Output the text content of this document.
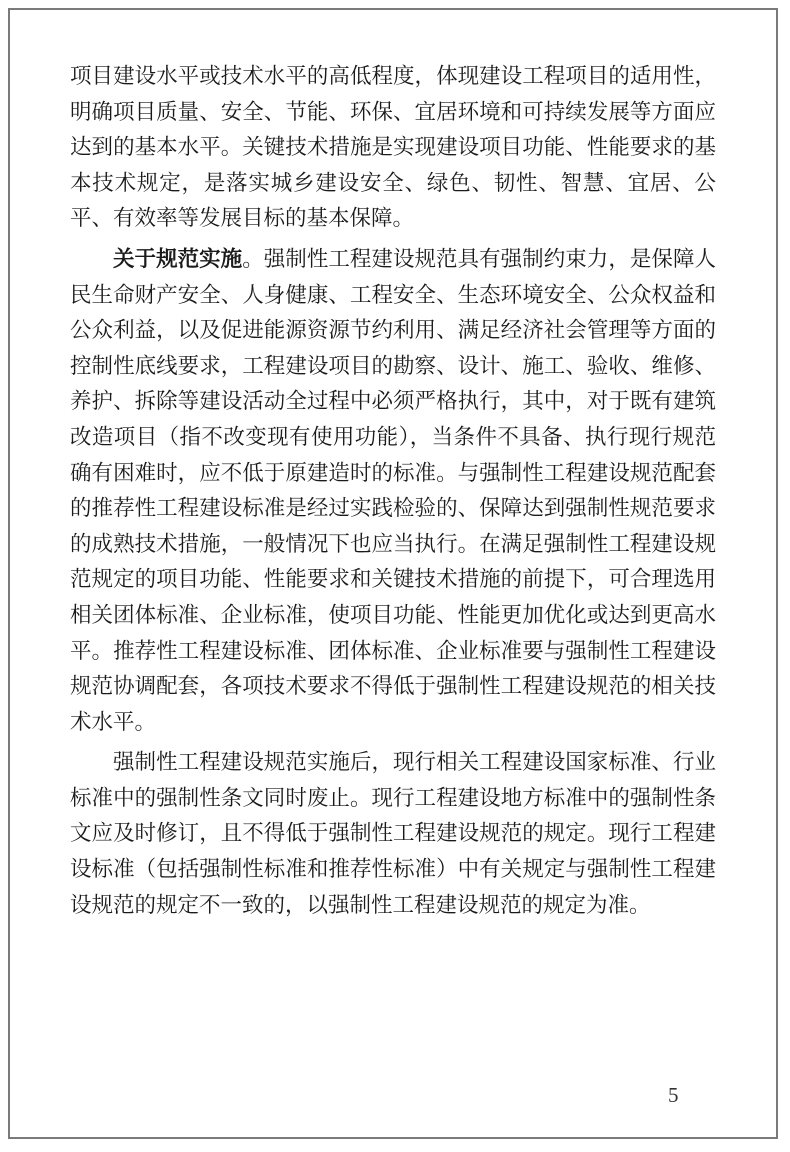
项目建设水平或技术水平的高低程度，体现建设工程项目的适用性，明确项目质量、安全、节能、环保、宜居环境和可持续发展等方面应达到的基本水平。关键技术措施是实现建设项目功能、性能要求的基本技术规定，是落实城乡建设安全、绿色、韧性、智慧、宜居、公平、有效率等发展目标的基本保障。

关于规范实施。强制性工程建设规范具有强制约束力，是保障人民生命财产安全、人身健康、工程安全、生态环境安全、公众权益和公众利益，以及促进能源资源节约利用、满足经济社会管理等方面的控制性底线要求，工程建设项目的勘察、设计、施工、验收、维修、养护、拆除等建设活动全过程中必须严格执行，其中，对于既有建筑改造项目（指不改变现有使用功能），当条件不具备、执行现行规范确有困难时，应不低于原建造时的标准。与强制性工程建设规范配套的推荐性工程建设标准是经过实践检验的、保障达到强制性规范要求的成熟技术措施，一般情况下也应当执行。在满足强制性工程建设规范规定的项目功能、性能要求和关键技术措施的前提下，可合理选用相关团体标准、企业标准，使项目功能、性能更加优化或达到更高水平。推荐性工程建设标准、团体标准、企业标准要与强制性工程建设规范协调配套，各项技术要求不得低于强制性工程建设规范的相关技术水平。

强制性工程建设规范实施后，现行相关工程建设国家标准、行业标准中的强制性条文同时废止。现行工程建设地方标准中的强制性条文应及时修订，且不得低于强制性工程建设规范的规定。现行工程建设标准（包括强制性标准和推荐性标准）中有关规定与强制性工程建设规范的规定不一致的，以强制性工程建设规范的规定为准。

5
